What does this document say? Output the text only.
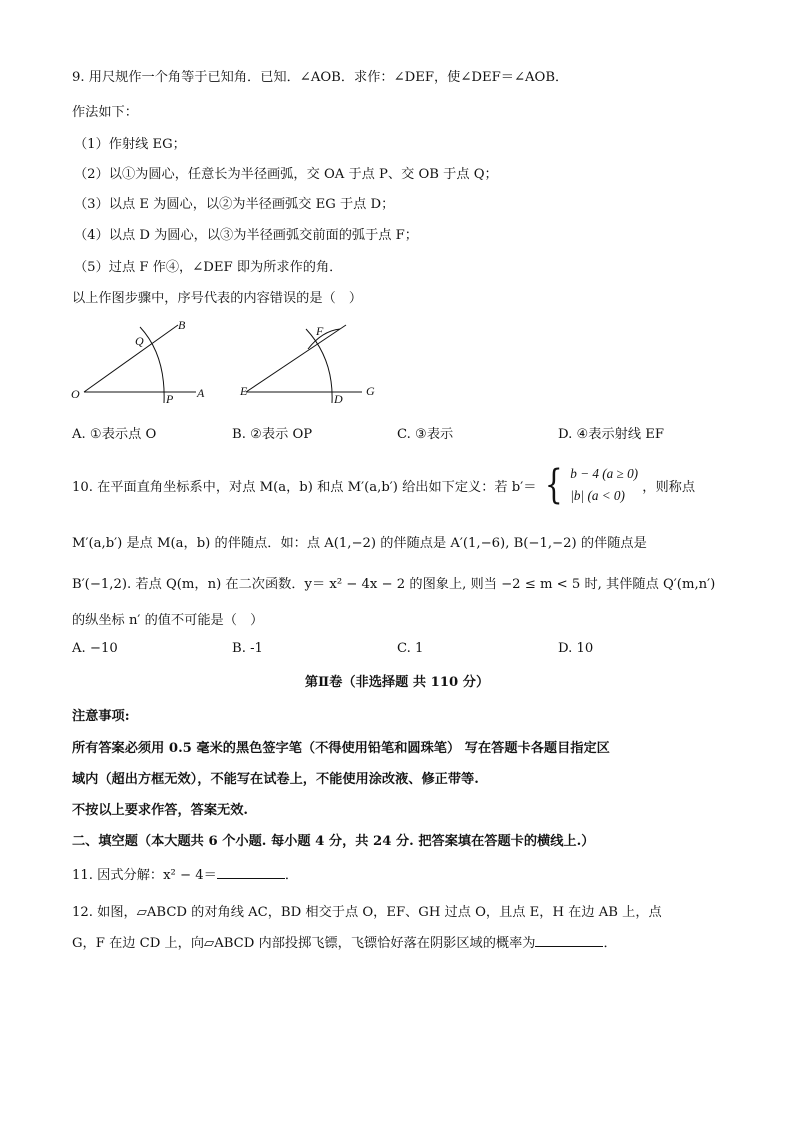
9. 用尺规作一个角等于已知角．已知．∠AOB．求作：∠DEF，使∠DEF＝∠AOB．
作法如下：
（1）作射线 EG；
（2）以①为圆心，任意长为半径画弧，交 OA 于点 P、交 OB 于点 Q；
（3）以点 E 为圆心，以②为半径画弧交 EG 于点 D；
（4）以点 D 为圆心，以③为半径画弧交前面的弧于点 F；
（5）过点 F 作④，∠DEF 即为所求作的角．
以上作图步骤中，序号代表的内容错误的是（　）
B
Q
O	P A
F
E
D
G
A. ①表示点 O	B. ②表示 OP	C. ③表示	D. ④表示射线 EF
10. 在平面直角坐标系中，对点 M(a，b) 和点 M′(a,b′) 给出如下定义：若 b′＝ { b − 4 (a ≥ 0)
|b| (a < 0) ，则称点
M′(a,b′) 是点 M(a，b) 的伴随点．如：点 A(1,−2) 的伴随点是 A′(1,−6), B(−1,−2) 的伴随点是
B′(−1,2). 若点 Q(m，n) 在二次函数．y＝ x² − 4x − 2 的图象上, 则当 −2 ≤ m < 5 时, 其伴随点 Q′(m,n′)
的纵坐标 n′ 的值不可能是（　）
A. −10	B. -1	C. 1	D. 10
第Ⅱ卷（非选择题 共 110 分）
注意事项:
所有答案必须用 0.5 毫米的黑色签字笔（不得使用铅笔和圆珠笔） 写在答题卡各题目指定区
域内（超出方框无效），不能写在试卷上，不能使用涂改液、修正带等.
不按以上要求作答，答案无效.
二、填空题（本大题共 6 个小题. 每小题 4 分，共 24 分. 把答案填在答题卡的横线上.）
11. 因式分解：x² − 4＝	．
12. 如图，▱ABCD 的对角线 AC，BD 相交于点 O，EF、GH 过点 O，且点 E，H 在边 AB 上，点
G，F 在边 CD 上，向▱ABCD 内部投掷飞镖，飞镖恰好落在阴影区域的概率为	．
